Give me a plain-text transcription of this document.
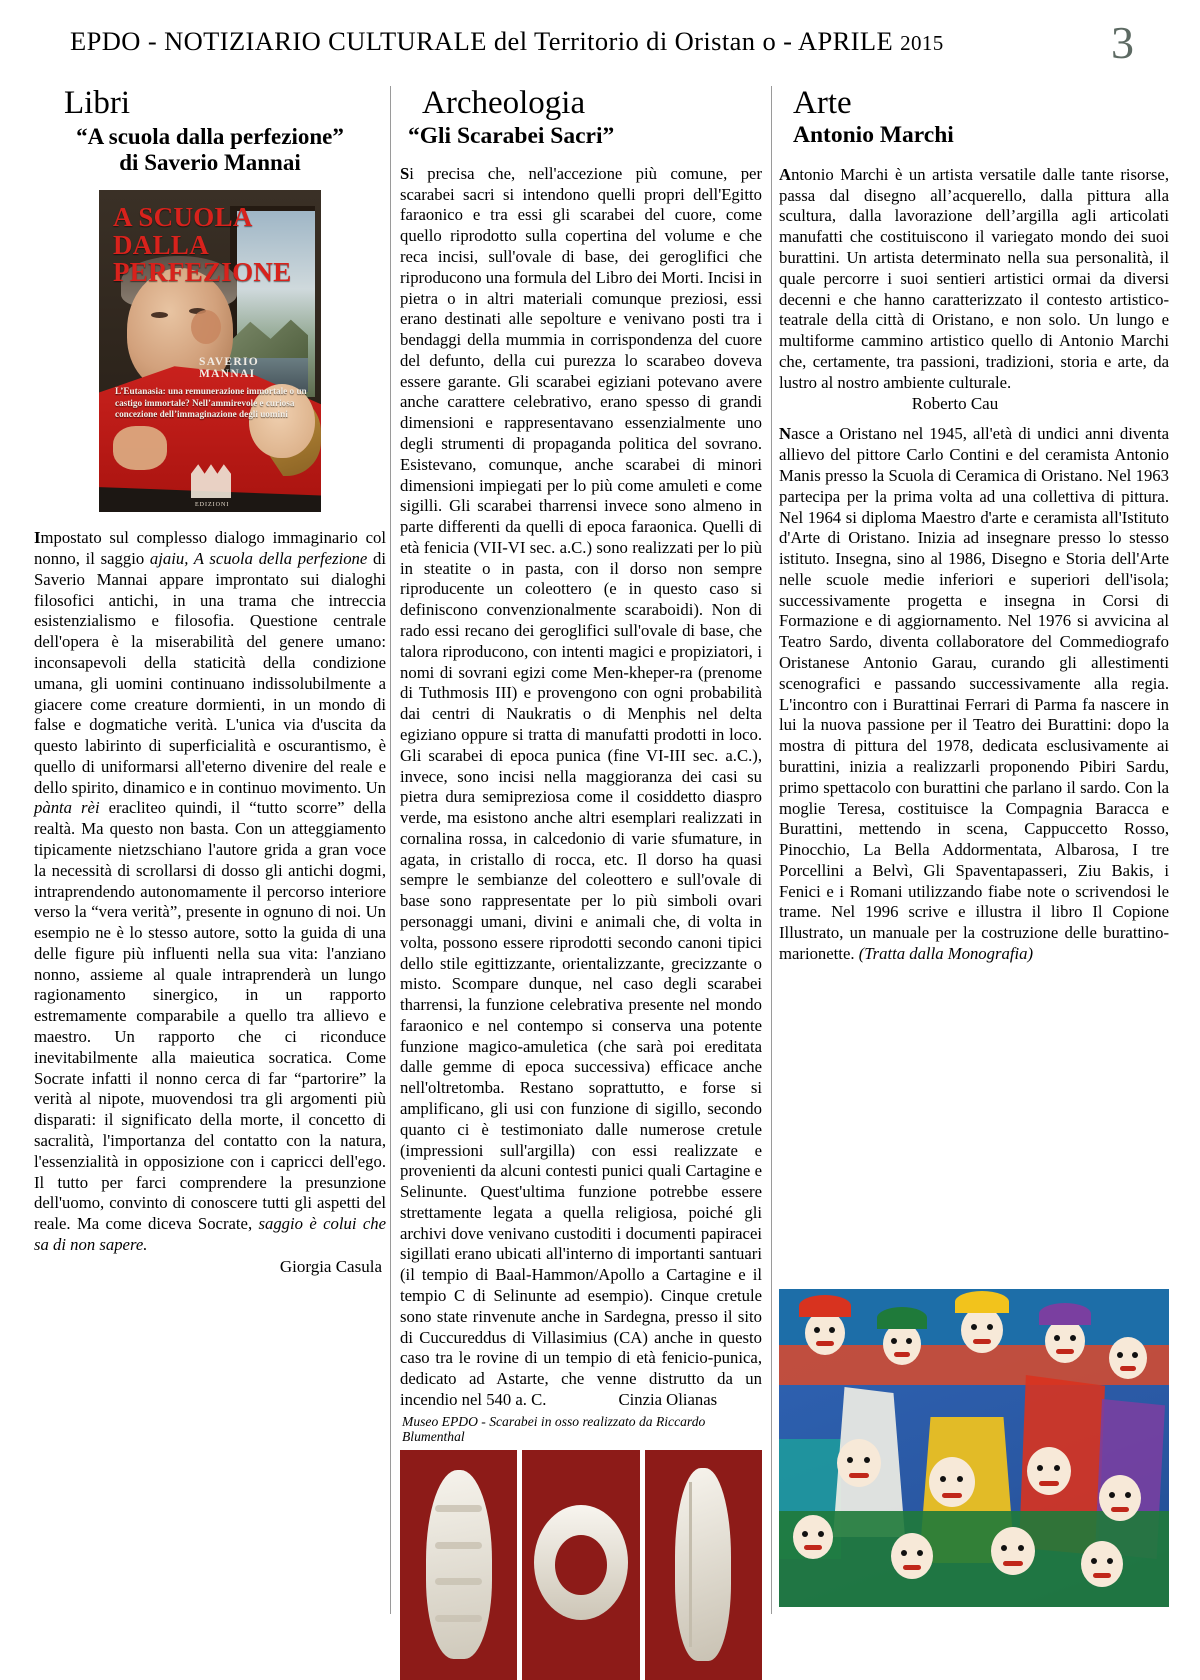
EPDO - NOTIZIARIO CULTURALE del Territorio di Oristan o - APRILE 2015	3
Libri
“A scuola dalla perfezione”
di Saverio Mannai
A SCUOLA DALLA PERFEZIONE
SAVERIO MANNAI
L’Eutanasia: una remunerazione immortale o un castigo immortale? Nell’ammirevole e curiosa concezione dell’immaginazione degli uomini
EDIZIONI

Impostato sul complesso dialogo immaginario col nonno, il saggio ajaiu, A scuola della perfezione di Saverio Mannai appare improntato sui dialoghi filosofici antichi, in una trama che intreccia esistenzialismo e filosofia. Questione centrale dell'opera è la miserabilità del genere umano: inconsapevoli della staticità della condizione umana, gli uomini continuano indissolubilmente a giacere come creature dormienti, in un mondo di false e dogmatiche verità. L'unica via d'uscita da questo labirinto di superficialità e oscurantismo, è quello di uniformarsi all'eterno divenire del reale e dello spirito, dinamico e in continuo movimento. Un pànta rèi eracliteo quindi, il “tutto scorre” della realtà. Ma questo non basta. Con un atteggiamento tipicamente nietzschiano l'autore grida a gran voce la necessità di scrollarsi di dosso gli antichi dogmi, intraprendendo autonomamente il percorso interiore verso la “vera verità”, presente in ognuno di noi. Un esempio ne è lo stesso autore, sotto la guida di una delle figure più influenti nella sua vita: l'anziano nonno, assieme al quale intraprenderà un lungo ragionamento sinergico, in un rapporto estremamente comparabile a quello tra allievo e maestro. Un rapporto che ci riconduce inevitabilmente alla maieutica socratica. Come Socrate infatti il nonno cerca di far “partorire” la verità al nipote, muovendosi tra gli argomenti più disparati: il significato della morte, il concetto di sacralità, l'importanza del contatto con la natura, l'essenzialità in opposizione con i capricci dell'ego. Il tutto per farci comprendere la presunzione dell'uomo, convinto di conoscere tutti gli aspetti del reale. Ma come diceva Socrate, saggio è colui che sa di non sapere.

Giorgia Casula
Archeologia
“Gli Scarabei Sacri”

Si precisa che, nell'accezione più comune, per scarabei sacri si intendono quelli propri dell'Egitto faraonico e tra essi gli scarabei del cuore, come quello riprodotto sulla copertina del volume e che reca incisi, sull'ovale di base, dei geroglifici che riproducono una formula del Libro dei Morti. Incisi in pietra o in altri materiali comunque preziosi, essi erano destinati alle sepolture e venivano posti tra i bendaggi della mummia in corrispondenza del cuore del defunto, della cui purezza lo scarabeo doveva essere garante. Gli scarabei egiziani potevano avere anche carattere celebrativo, erano spesso di grandi dimensioni e rappresentavano essenzialmente uno degli strumenti di propaganda politica del sovrano. Esistevano, comunque, anche scarabei di minori dimensioni impiegati per lo più come amuleti e come sigilli. Gli scarabei tharrensi invece sono almeno in parte differenti da quelli di epoca faraonica. Quelli di età fenicia (VII-VI sec. a.C.) sono realizzati per lo più in steatite o in pasta, con il dorso non sempre riproducente un coleottero (e in questo caso si definiscono convenzionalmente scaraboidi). Non di rado essi recano dei geroglifici sull'ovale di base, che talora riproducono, con intenti magici e propiziatori, i nomi di sovrani egizi come Men-kheper-ra (prenome di Tuthmosis III) e provengono con ogni probabilità dai centri di Naukratis o di Menphis nel delta egiziano oppure si tratta di manufatti prodotti in loco. Gli scarabei di epoca punica (fine VI-III sec. a.C.), invece, sono incisi nella maggioranza dei casi su pietra dura semipreziosa come il cosiddetto diaspro verde, ma esistono anche altri esemplari realizzati in cornalina rossa, in calcedonio di varie sfumature, in agata, in cristallo di rocca, etc. Il dorso ha quasi sempre le sembianze del coleottero e sull'ovale di base sono rappresentate per lo più simboli ovari personaggi umani, divini e animali che, di volta in volta, possono essere riprodotti secondo canoni tipici dello stile egittizzante, orientalizzante, grecizzante o misto. Scompare dunque, nel caso degli scarabei tharrensi, la funzione celebrativa presente nel mondo faraonico e nel contempo si conserva una potente funzione magico-amuletica (che sarà poi ereditata dalle gemme di epoca successiva) efficace anche nell'oltretomba. Restano soprattutto, e forse si amplificano, gli usi con funzione di sigillo, secondo quanto ci è testimoniato dalle numerose cretule (impressioni sull'argilla) con essi realizzate e provenienti da alcuni contesti punici quali Cartagine e Selinunte. Quest'ultima funzione potrebbe essere strettamente legata a quella religiosa, poiché gli archivi dove venivano custoditi i documenti papiracei sigillati erano ubicati all'interno di importanti santuari (il tempio di Baal-Hammon/Apollo a Cartagine e il tempio C di Selinunte ad esempio). Cinque cretule sono state rinvenute anche in Sardegna, presso il sito di Cuccureddus di Villasimius (CA) anche in questo caso tra le rovine di un tempio di età fenicio-punica, dedicato ad Astarte, che venne distrutto da un incendio nel 540 a. C.	Cinzia Olianas

Museo EPDO - Scarabei in osso realizzato da Riccardo Blumenthal
Arte
Antonio Marchi

Antonio Marchi è un artista versatile dalle tante risorse, passa dal disegno all’acquerello, dalla pittura alla scultura, dalla lavorazione dell’argilla agli articolati manufatti che costituiscono il variegato mondo dei suoi burattini. Un artista determinato nella sua personalità, il quale percorre i suoi sentieri artistici ormai da diversi decenni e che hanno caratterizzato il contesto artistico-teatrale della città di Oristano, e non solo. Un lungo e multiforme cammino artistico quello di Antonio Marchi che, certamente, tra passioni, tradizioni, storia e arte, da lustro al nostro ambiente culturale.

Roberto Cau

Nasce a Oristano nel 1945, all'età di undici anni diventa allievo del pittore Carlo Contini e del ceramista Antonio Manis presso la Scuola di Ceramica di Oristano. Nel 1963 partecipa per la prima volta ad una collettiva di pittura. Nel 1964 si diploma Maestro d'arte e ceramista all'Istituto d'Arte di Oristano. Inizia ad insegnare presso lo stesso istituto. Insegna, sino al 1986, Disegno e Storia dell'Arte nelle scuole medie inferiori e superiori dell'isola; successivamente progetta e insegna in Corsi di Formazione e di aggiornamento. Nel 1976 si avvicina al Teatro Sardo, diventa collaboratore del Commediografo Oristanese Antonio Garau, curando gli allestimenti scenografici e passando successivamente alla regia. L'incontro con i Burattinai Ferrari di Parma fa nascere in lui la nuova passione per il Teatro dei Burattini: dopo la mostra di pittura del 1978, dedicata esclusivamente ai burattini, inizia a realizzarli proponendo Pibiri Sardu, primo spettacolo con burattini che parlano il sardo. Con la moglie Teresa, costituisce la Compagnia Baracca e Burattini, mettendo in scena, Cappuccetto Rosso, Pinocchio, La Bella Addormentata, Albarosa, I tre Porcellini a Belvì, Gli Spaventapasseri, Ziu Bakis, i Fenici e i Romani utilizzando fiabe note o scrivendosi le trame. Nel 1996 scrive e illustra il libro Il Copione Illustrato, un manuale per la costruzione delle burattino-marionette. (Tratta dalla Monografia)
